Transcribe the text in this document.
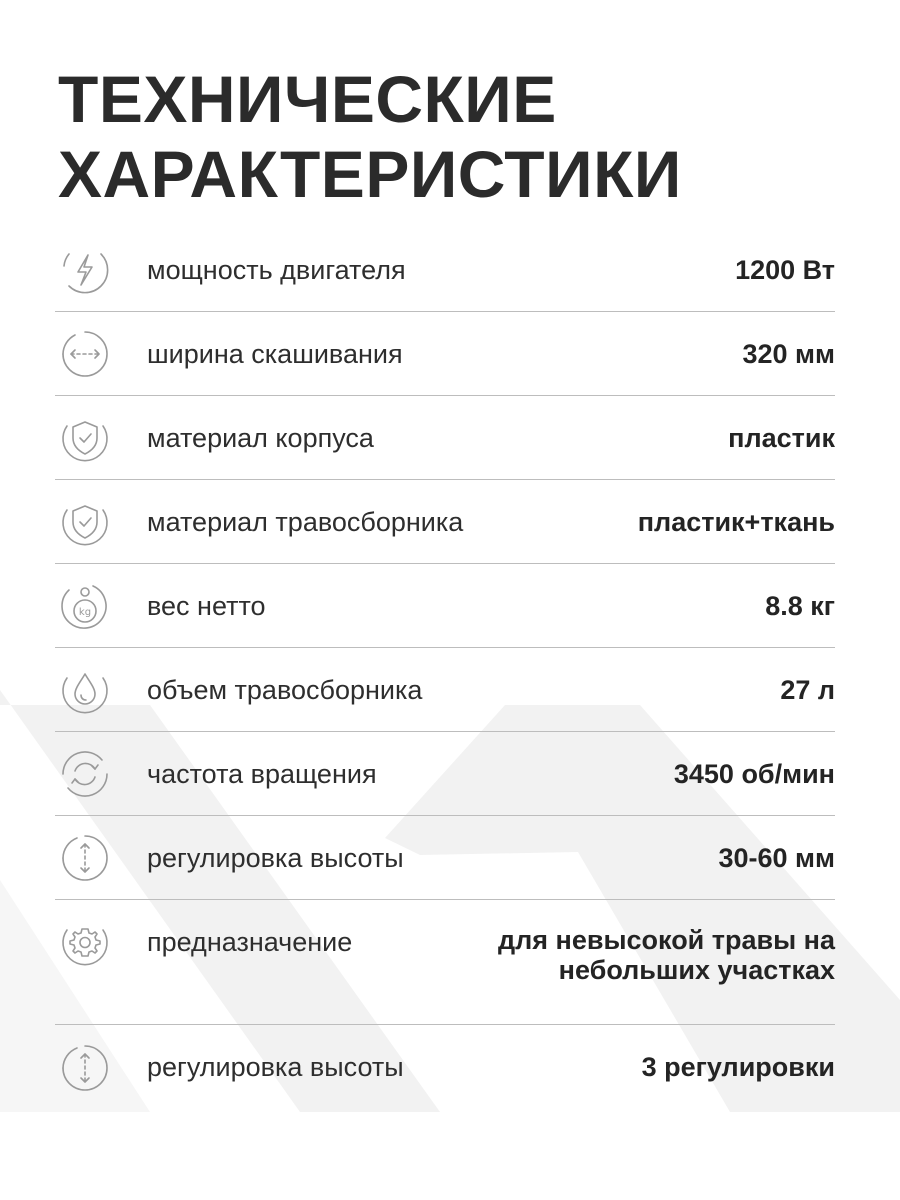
ТЕХНИЧЕСКИЕ
ХАРАКТЕРИСТИКИ
мощность двигателя	1200 Вт
ширина скашивания	320 мм
материал корпуса	пластик
материал травосборника	пластик+ткань
kg вес нетто	8.8 кг
объем травосборника	27 л
частота вращения	3450 об/мин
регулировка высоты	30-60 мм
предназначение	для невысокой травы на небольших участках
регулировка высоты	3 регулировки
